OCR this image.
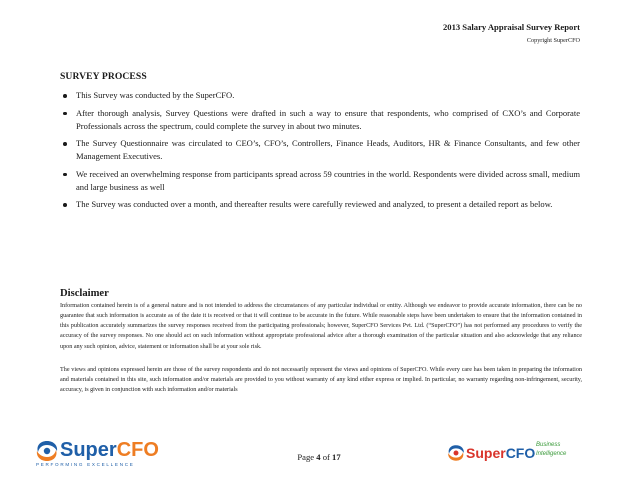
2013 Salary Appraisal Survey Report
Copyright SuperCFO
SURVEY PROCESS
This Survey was conducted by the SuperCFO.
After thorough analysis, Survey Questions were drafted in such a way to ensure that respondents, who comprised of CXO’s and Corporate Professionals across the spectrum, could complete the survey in about two minutes.
The Survey Questionnaire was circulated to CEO’s, CFO’s, Controllers, Finance Heads, Auditors, HR & Finance Consultants, and few other Management Executives.
We received an overwhelming response from participants spread across 59 countries in the world. Respondents were divided across small, medium and large business as well
The Survey was conducted over a month, and thereafter results were carefully reviewed and analyzed, to present a detailed report as below.
Disclaimer

Information contained herein is of a general nature and is not intended to address the circumstances of any particular individual or entity. Although we endeavor to provide accurate information, there can be no guarantee that such information is accurate as of the date it is received or that it will continue to be accurate in the future. While reasonable steps have been undertaken to ensure that the information contained in this publication accurately summarizes the survey responses received from the participating professionals; however, SuperCFO Services Pvt. Ltd. (“SuperCFO”) has not performed any procedures to verify the accuracy of the survey responses. No one should act on such information without appropriate professional advice after a thorough examination of the particular situation and also acknowledge that any reliance upon any such opinion, advice, statement or information shall be at your sole risk.

The views and opinions expressed herein are those of the survey respondents and do not necessarily represent the views and opinions of SuperCFO. While every care has been taken in preparing the information and materials contained in this site, such information and/or materials are provided to you without warranty of any kind either express or implied. In particular, no warranty regarding non-infringement, security, accuracy, is given in conjunction with such information and/or materials

SuperCFO
PERFORMING EXCELLENCE
Page 4 of 17	SuperCFO Business
Intelligence
